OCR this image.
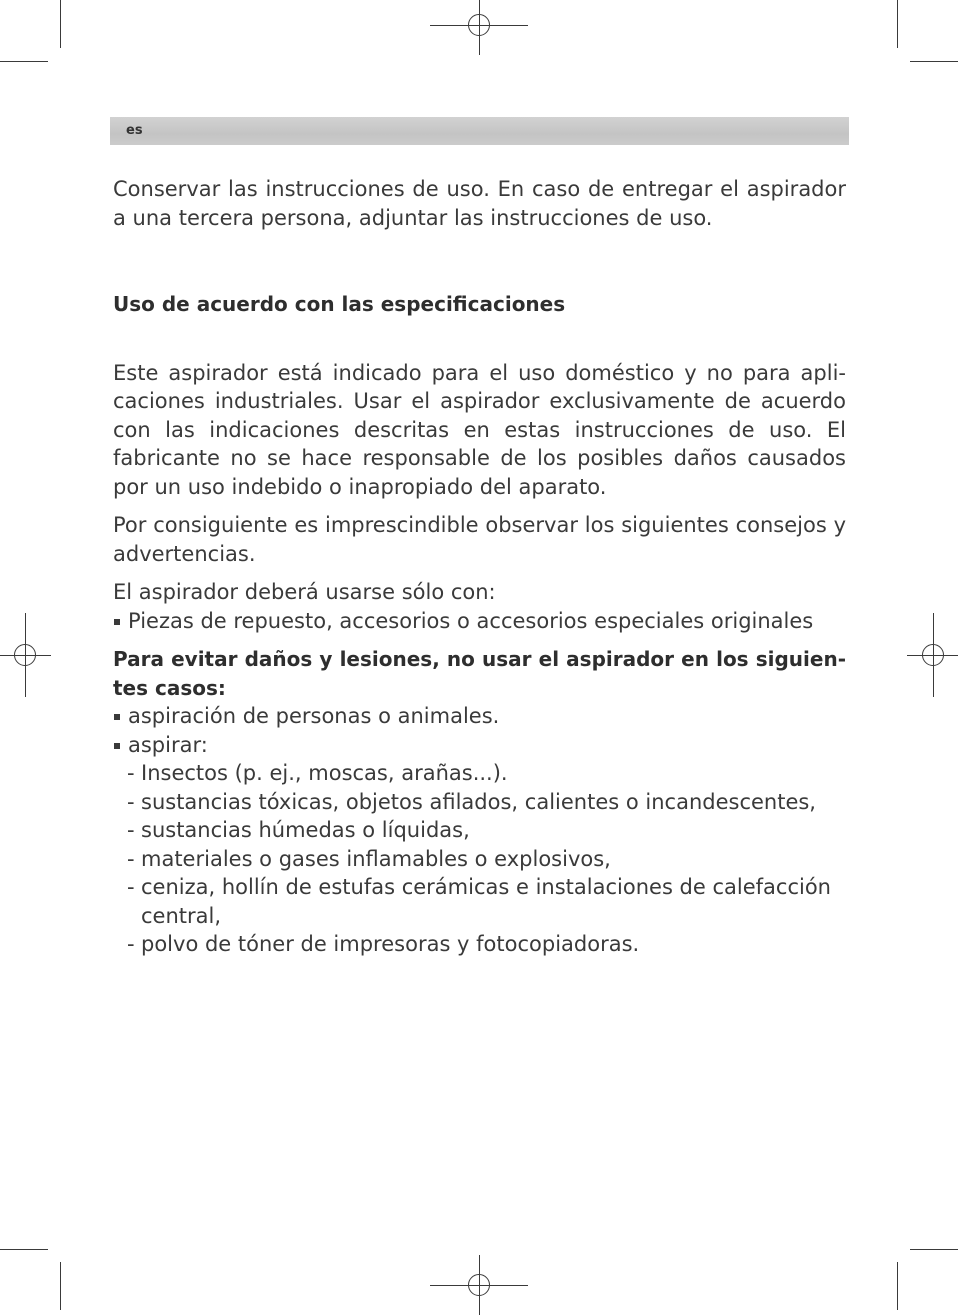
es

Conservar las instrucciones de uso. En caso de entregar el aspirador a una tercera persona, adjuntar las instrucciones de uso.

Uso de acuerdo con las especificaciones

Este aspirador está indicado para el uso doméstico y no para aplicaciones industriales. Usar el aspirador exclusivamente de acuerdo con las indicaciones descritas en estas instrucciones de uso. El fabricante no se hace responsable de los posibles daños causados por un uso indebido o inapropiado del aparato.

Por consiguiente es imprescindible observar los siguientes consejos y advertencias.

El aspirador deberá usarse sólo con:

Piezas de repuesto, accesorios o accesorios especiales originales

Para evitar daños y lesiones, no usar el aspirador en los siguientes casos:

aspiración de personas o animales.
aspirar:
- Insectos (p. ej., moscas, arañas...).
- sustancias tóxicas, objetos afilados, calientes o incandescentes,
- sustancias húmedas o líquidas,
- materiales o gases inflamables o explosivos,
- ceniza, hollín de estufas cerámicas e instalaciones de calefacción central,
- polvo de tóner de impresoras y fotocopiadoras.
